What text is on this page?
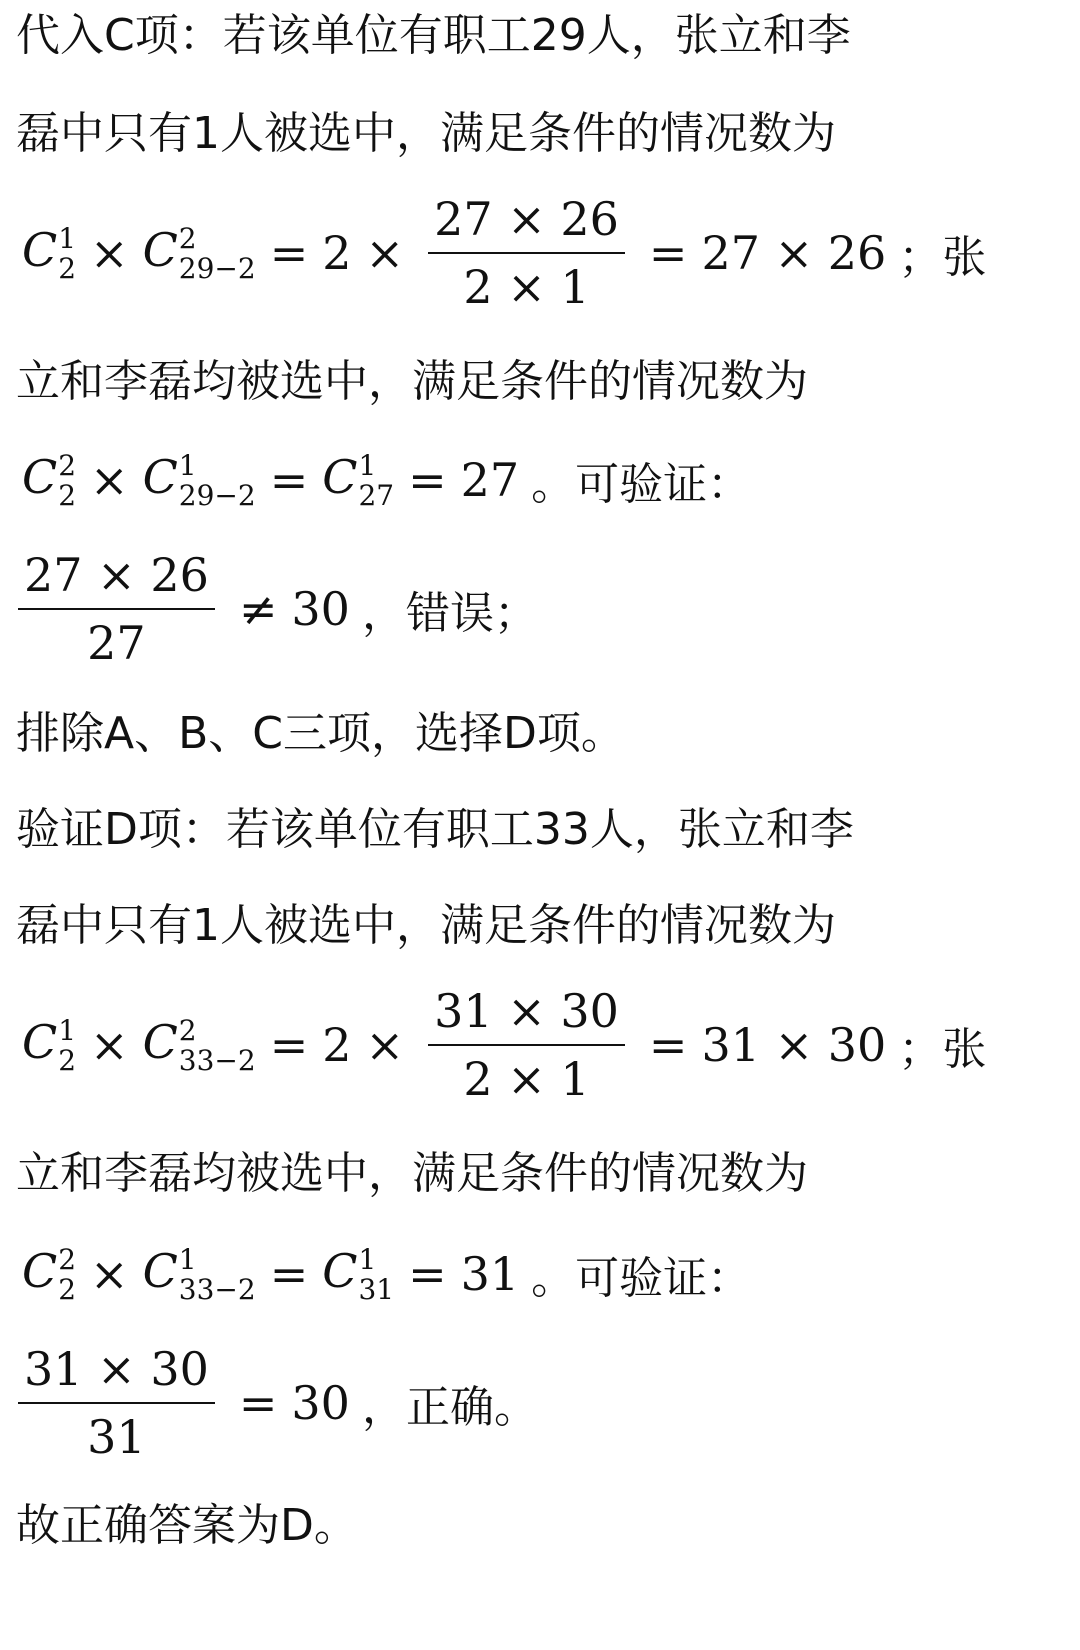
代入C项：若该单位有职工29人，张立和李
磊中只有1人被选中，满足条件的情况数为
C 1
2 × C 2
$29-2 = 2 \times \frac{27 \times 26}{2 \times 1} = 27 \times 26$ ；张
立和李磊均被选中，满足条件的情况数为
C 2
2 × C 1
29−2 = C 1
27 = 27 。可验证：
$\frac{27 \times 26}{27} \ne 30$ ，错误；
排除A、B、C三项，选择D项。
验证D项：若该单位有职工33人，张立和李
磊中只有1人被选中，满足条件的情况数为
C 1
2 × C 2
$33-2 = 2 \times \frac{31 \times 30}{2 \times 1} = 31 \times 30$ ；张
立和李磊均被选中，满足条件的情况数为
C 2
2 × C 1
33−2 = C 1
31 = 31 。可验证：
$\frac{31 \times 30}{31} = 30$ ，正确。
故正确答案为D。
